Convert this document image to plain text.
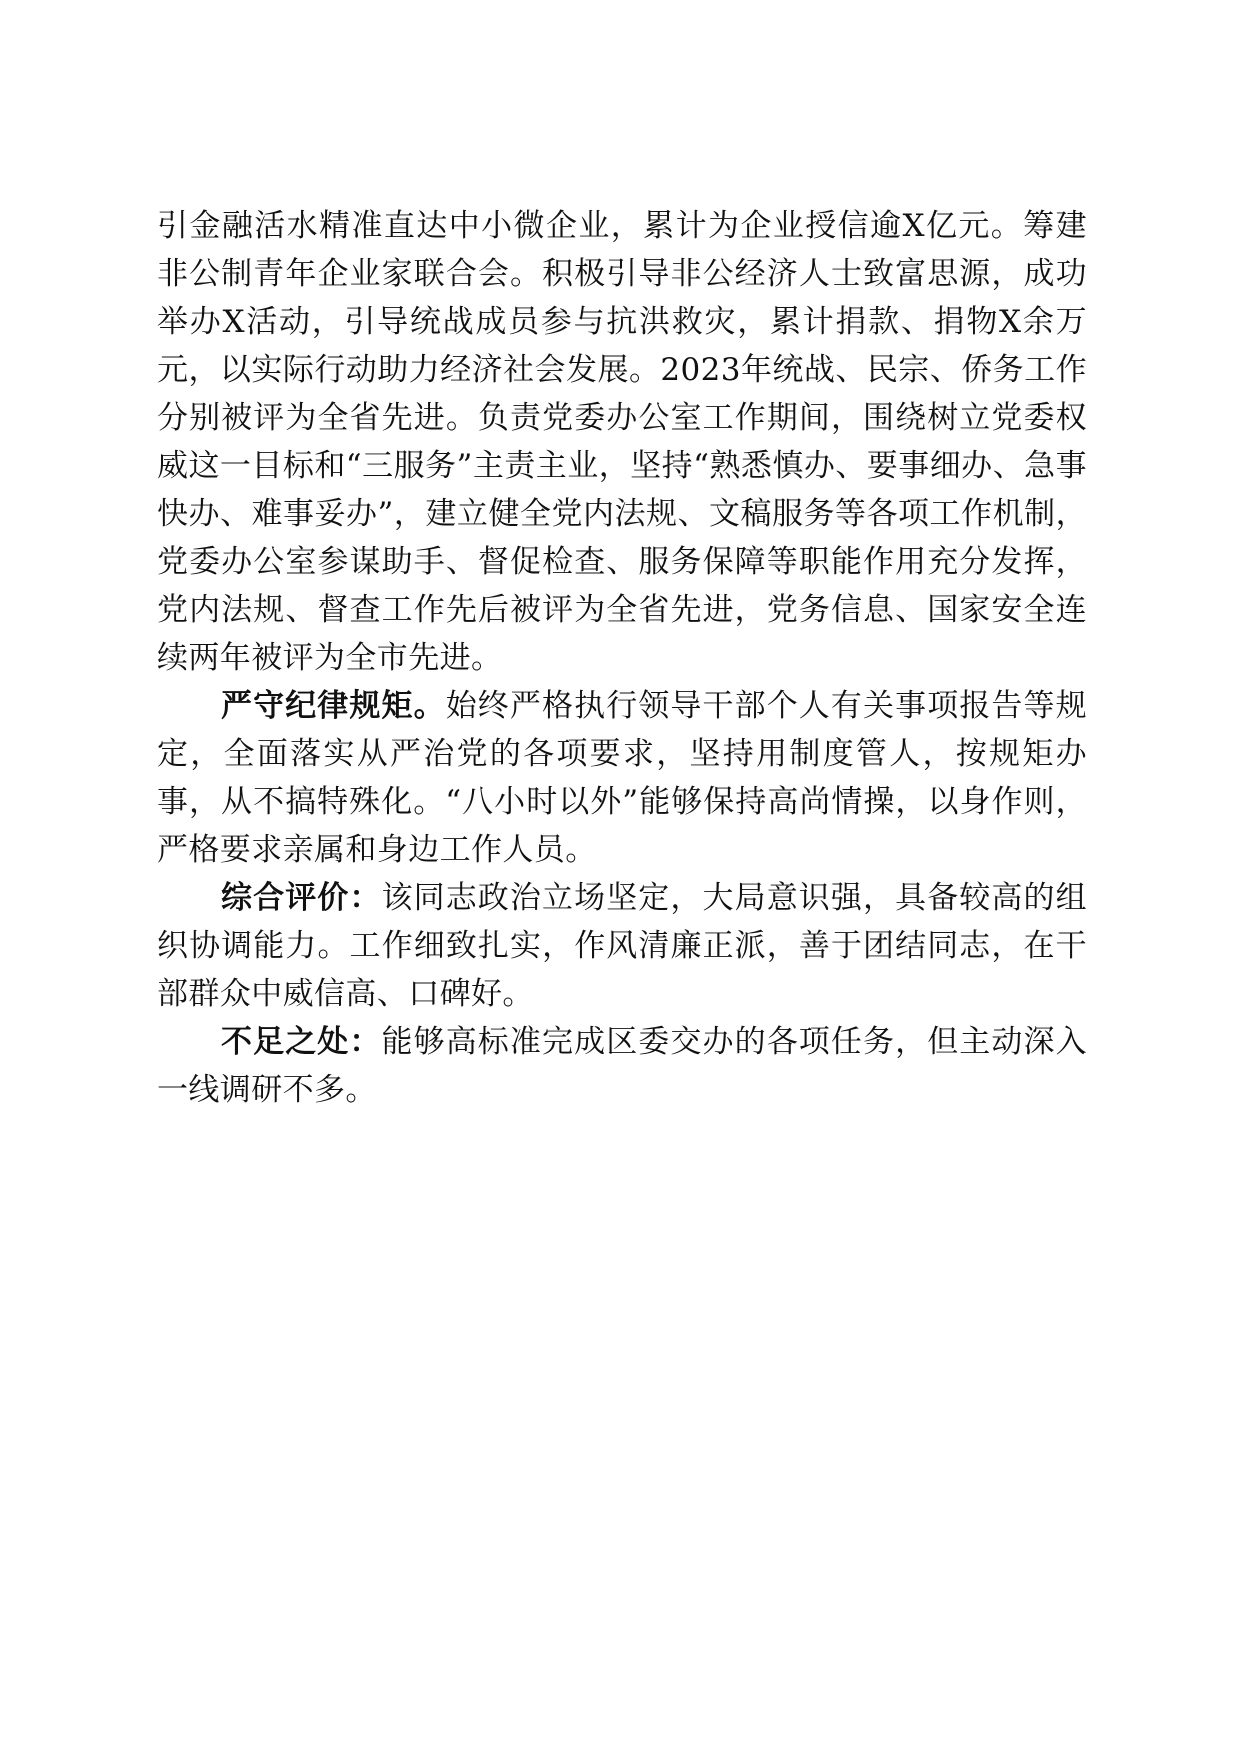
引金融活水精准直达中小微企业，累计为企业授信逾X亿元。筹建非公制青年企业家联合会。积极引导非公经济人士致富思源，成功举办X活动，引导统战成员参与抗洪救灾，累计捐款、捐物X余万元，以实际行动助力经济社会发展。2023年统战、民宗、侨务工作分别被评为全省先进。负责党委办公室工作期间，围绕树立党委权威这一目标和“三服务”主责主业，坚持“熟悉慎办、要事细办、急事快办、难事妥办”，建立健全党内法规、文稿服务等各项工作机制，党委办公室参谋助手、督促检查、服务保障等职能作用充分发挥，党内法规、督查工作先后被评为全省先进，党务信息、国家安全连续两年被评为全市先进。

严守纪律规矩。始终严格执行领导干部个人有关事项报告等规定，全面落实从严治党的各项要求，坚持用制度管人，按规矩办事，从不搞特殊化。“八小时以外”能够保持高尚情操，以身作则，严格要求亲属和身边工作人员。

综合评价：该同志政治立场坚定，大局意识强，具备较高的组织协调能力。工作细致扎实，作风清廉正派，善于团结同志，在干部群众中威信高、口碑好。

不足之处：能够高标准完成区委交办的各项任务，但主动深入一线调研不多。
